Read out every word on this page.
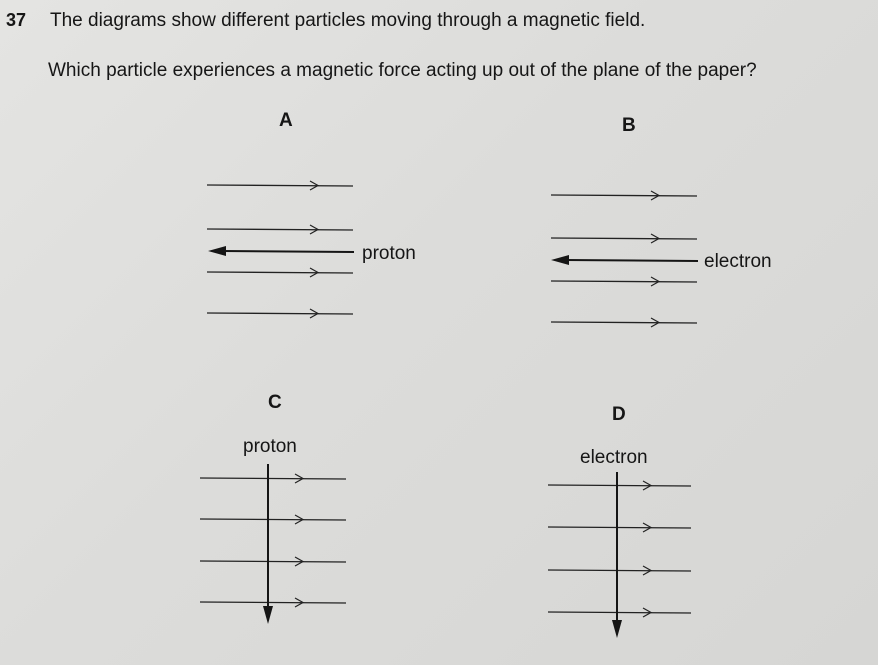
37 The diagrams show different particles moving through a magnetic field.
Which particle experiences a magnetic force acting up out of the plane of the paper?
A	B
C
D
proton	electron
proton
electron
